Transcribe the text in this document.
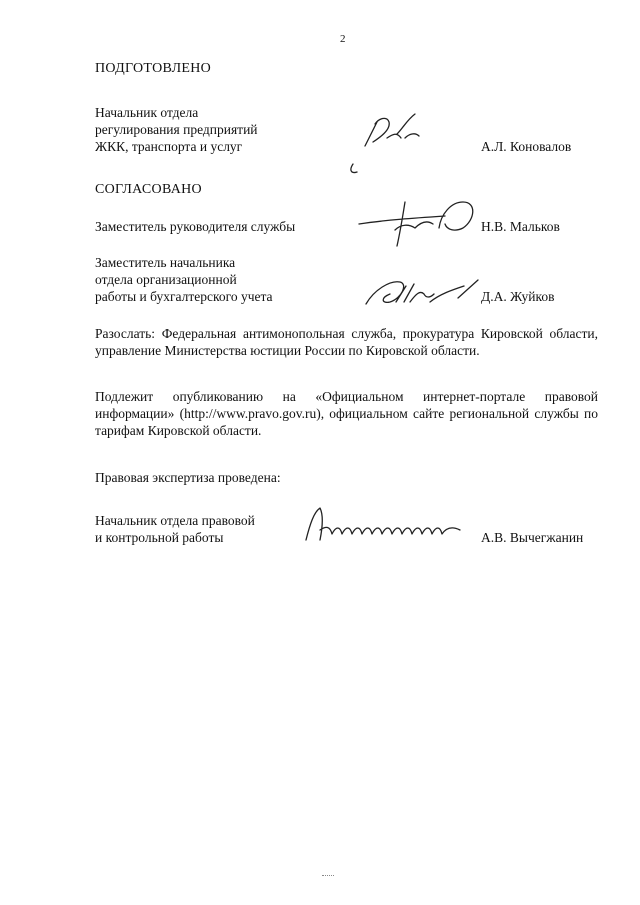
2
ПОДГОТОВЛЕНО
Начальник отдела
регулирования предприятий
ЖКК, транспорта и услуг	А.Л. Коновалов
СОГЛАСОВАНО
Заместитель руководителя службы	Н.В. Мальков
Заместитель начальника
отдела организационной
работы и бухгалтерского учета	Д.А. Жуйков
Разослать: Федеральная антимонопольная служба, прокуратура Кировской области, управление Министерства юстиции России по Кировской области.
Подлежит опубликованию на «Официальном интернет-портале правовой информации» (http://www.pravo.gov.ru), официальном сайте региональной службы по тарифам Кировской области.
Правовая экспертиза проведена:
Начальник отдела правовой
и контрольной работы	А.В. Вычегжанин
